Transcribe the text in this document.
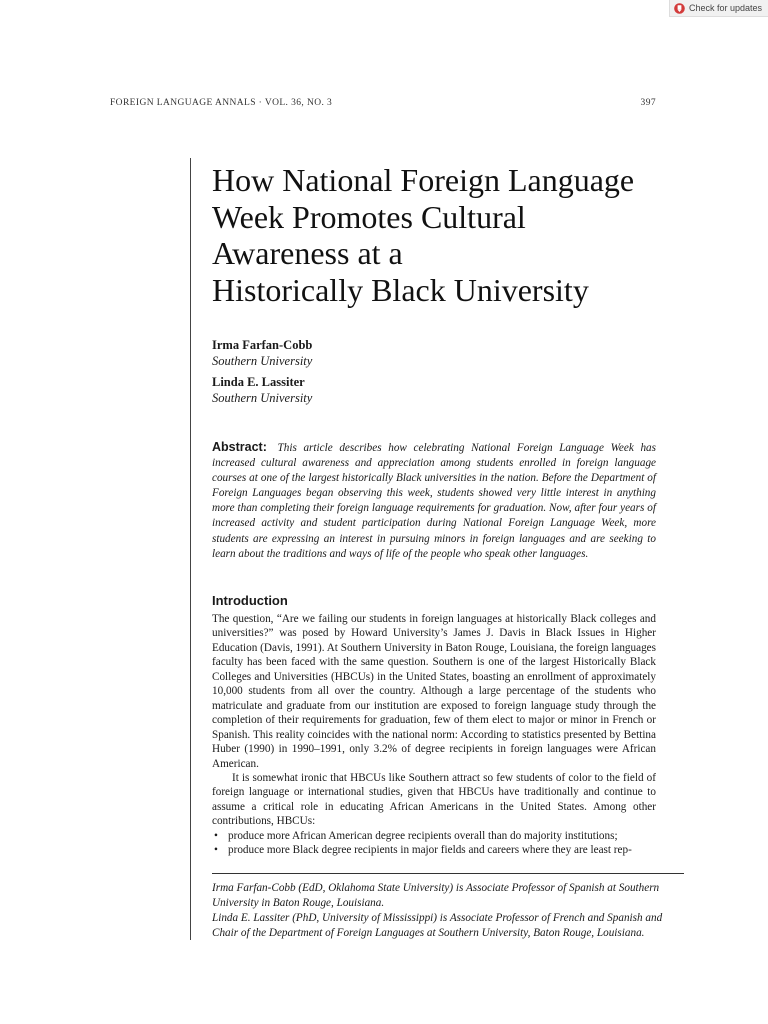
Check for updates
FOREIGN LANGUAGE ANNALS · VOL. 36, NO. 3	397
How National Foreign Language
Week Promotes Cultural
Awareness at a
Historically Black University
Irma Farfan-Cobb
Southern University
Linda E. Lassiter
Southern University
Abstract: This article describes how celebrating National Foreign Language Week has increased cultural awareness and appreciation among students enrolled in foreign language courses at one of the largest historically Black universities in the nation. Before the Department of Foreign Languages began observing this week, students showed very little interest in anything more than completing their foreign language requirements for graduation. Now, after four years of increased activity and student participation during National Foreign Language Week, more students are expressing an interest in pursuing minors in foreign languages and are seeking to learn about the traditions and ways of life of the people who speak other languages.
Introduction

The question, “Are we failing our students in foreign languages at historically Black colleges and universities?” was posed by Howard University’s James J. Davis in Black Issues in Higher Education (Davis, 1991). At Southern University in Baton Rouge, Louisiana, the foreign languages faculty has been faced with the same question. Southern is one of the largest Historically Black Colleges and Universities (HBCUs) in the United States, boasting an enrollment of approximately 10,000 students from all over the country. Although a large percentage of the students who matriculate and graduate from our institution are exposed to foreign language study through the completion of their requirements for graduation, few of them elect to major or minor in French or Spanish. This reality coincides with the national norm: According to statistics presented by Bettina Huber (1990) in 1990–1991, only 3.2% of degree recipients in foreign languages were African American.

It is somewhat ironic that HBCUs like Southern attract so few students of color to the field of foreign language or international studies, given that HBCUs have traditionally and continue to assume a critical role in educating African Americans in the United States. Among other contributions, HBCUs:

• produce more African American degree recipients overall than do majority institutions;
• produce more Black degree recipients in major fields and careers where they are least rep-

Irma Farfan-Cobb (EdD, Oklahoma State University) is Associate Professor of Spanish at Southern University in Baton Rouge, Louisiana.

Linda E. Lassiter (PhD, University of Mississippi) is Associate Professor of French and Spanish and Chair of the Department of Foreign Languages at Southern University, Baton Rouge, Louisiana.
